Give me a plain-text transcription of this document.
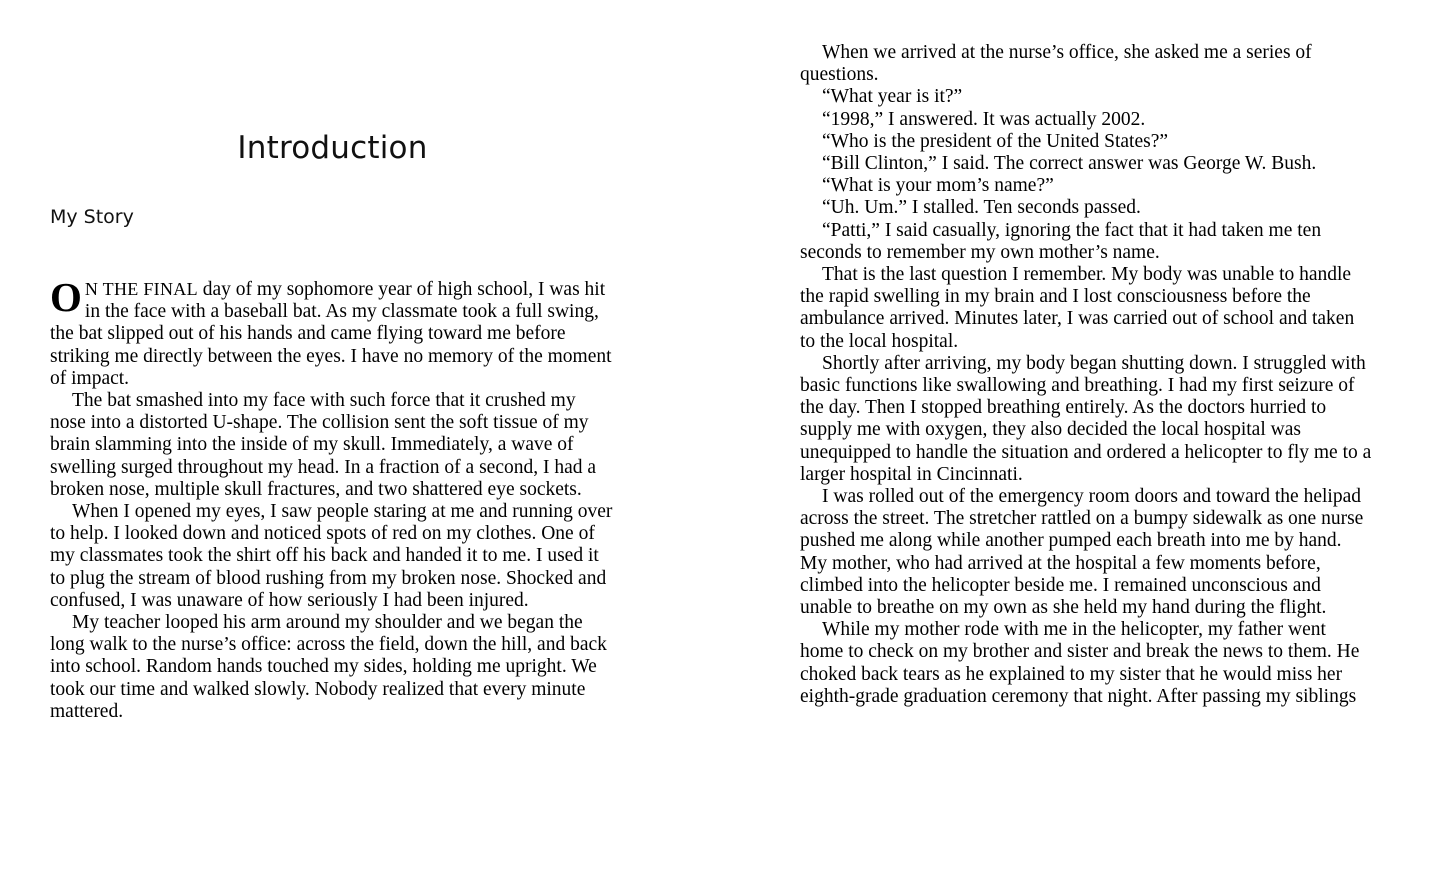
Introduction
My Story

O N THE FINAL day of my sophomore year of high school, I was hit in the face with a baseball bat. As my classmate took a full swing, the bat slipped out of his hands and came flying toward me before striking me directly between the eyes. I have no memory of the moment of impact.

The bat smashed into my face with such force that it crushed my nose into a distorted U-shape. The collision sent the soft tissue of my brain slamming into the inside of my skull. Immediately, a wave of swelling surged throughout my head. In a fraction of a second, I had a broken nose, multiple skull fractures, and two shattered eye sockets.

When I opened my eyes, I saw people staring at me and running over to help. I looked down and noticed spots of red on my clothes. One of my classmates took the shirt off his back and handed it to me. I used it to plug the stream of blood rushing from my broken nose. Shocked and confused, I was unaware of how seriously I had been injured.

My teacher looped his arm around my shoulder and we began the long walk to the nurse’s office: across the field, down the hill, and back into school. Random hands touched my sides, holding me upright. We took our time and walked slowly. Nobody realized that every minute mattered.

When we arrived at the nurse’s office, she asked me a series of questions.

“What year is it?”

“1998,” I answered. It was actually 2002.

“Who is the president of the United States?”

“Bill Clinton,” I said. The correct answer was George W. Bush.

“What is your mom’s name?”

“Uh. Um.” I stalled. Ten seconds passed.

“Patti,” I said casually, ignoring the fact that it had taken me ten seconds to remember my own mother’s name.

That is the last question I remember. My body was unable to handle the rapid swelling in my brain and I lost consciousness before the ambulance arrived. Minutes later, I was carried out of school and taken to the local hospital.

Shortly after arriving, my body began shutting down. I struggled with basic functions like swallowing and breathing. I had my first seizure of the day. Then I stopped breathing entirely. As the doctors hurried to supply me with oxygen, they also decided the local hospital was unequipped to handle the situation and ordered a helicopter to fly me to a larger hospital in Cincinnati.

I was rolled out of the emergency room doors and toward the helipad across the street. The stretcher rattled on a bumpy sidewalk as one nurse pushed me along while another pumped each breath into me by hand. My mother, who had arrived at the hospital a few moments before, climbed into the helicopter beside me. I remained unconscious and unable to breathe on my own as she held my hand during the flight.

While my mother rode with me in the helicopter, my father went home to check on my brother and sister and break the news to them. He choked back tears as he explained to my sister that he would miss her eighth-grade graduation ceremony that night. After passing my siblings
